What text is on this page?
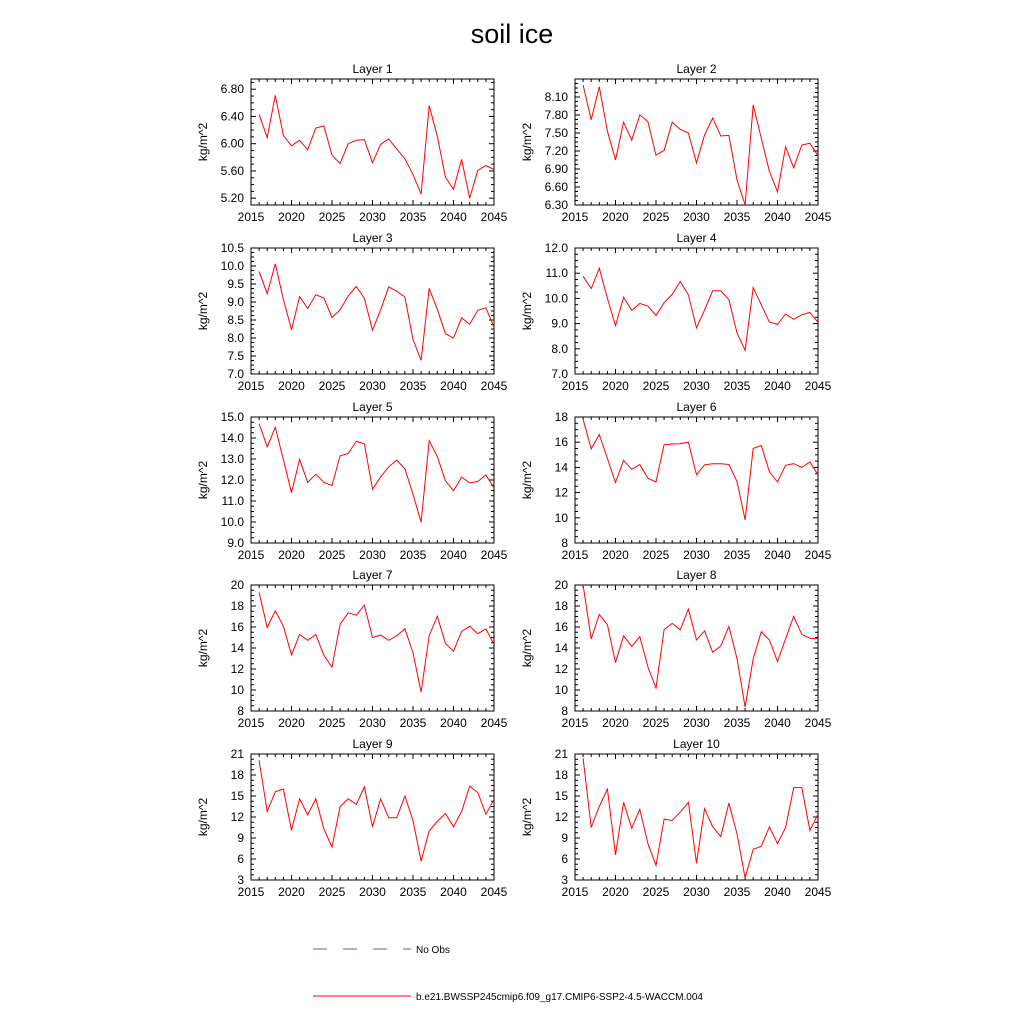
soil ice
Layer 1
kg/m^2
2015 2020 2025 2030 2035 2040 2045
5.20
5.60
6.00
6.40
6.80
Layer 2
kg/m^2
2015 2020 2025 2030 2035 2040 2045
6.30
6.60
6.90
7.20
7.50
7.80
8.10
Layer 3
kg/m^2
2015 2020 2025 2030 2035 2040 2045
7.0
7.5
8.0
8.5
9.0
9.5
10.0
10.5
Layer 4
kg/m^2
2015 2020 2025 2030 2035 2040 2045
7.0
8.0
9.0
10.0
11.0
12.0
Layer 5
kg/m^2
2015 2020 2025 2030 2035 2040 2045
9.0
10.0
11.0
12.0
13.0
14.0
15.0
Layer 6
kg/m^2
2015 2020 2025 2030 2035 2040 2045
8
10
12
14
16
18
Layer 7
kg/m^2
2015 2020 2025 2030 2035 2040 2045
8
10
12
14
16
18
20
Layer 8
kg/m^2
2015 2020 2025 2030 2035 2040 2045
8
10
12
14
16
18
20
Layer 9
kg/m^2
2015 2020 2025 2030 2035 2040 2045
3
6
9
12
15
18
21
Layer 10
kg/m^2
2015 2020 2025 2030 2035 2040 2045
3
6
9
12
15
18
21
No Obs
b.e21.BWSSP245cmip6.f09_g17.CMIP6-SSP2-4.5-WACCM.004
